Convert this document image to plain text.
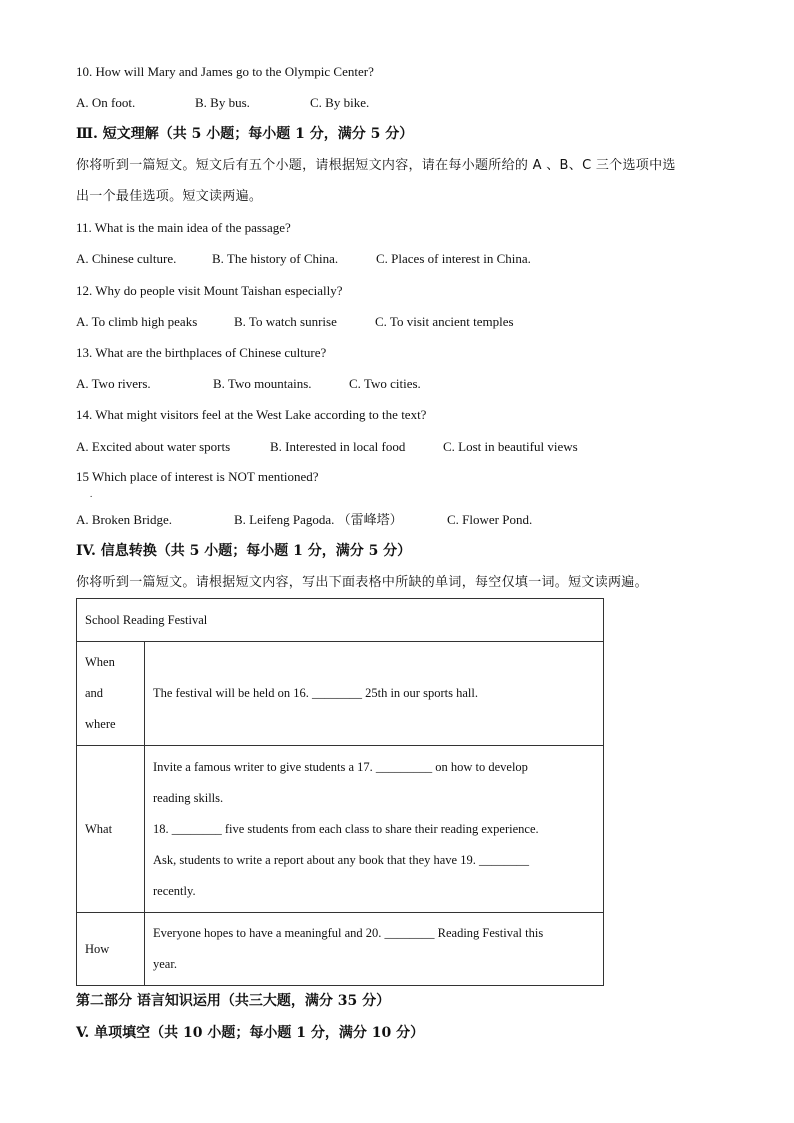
10. How will Mary and James go to the Olympic Center?
A. On foot.	B. By bus.	C. By bike.
Ⅲ. 短文理解（共 5 小题；每小题 1 分，满分 5 分）
你将听到一篇短文。短文后有五个小题，请根据短文内容，请在每小题所给的 A 、B、C 三个选项中选
出一个最佳选项。短文读两遍。
11. What is the main idea of the passage?
A. Chinese culture.	B. The history of China.	C. Places of interest in China.
12. Why do people visit Mount Taishan especially?
A. To climb high peaks	B. To watch sunrise	C. To visit ancient temples
13. What are the birthplaces of Chinese culture?
A. Two rivers.	B. Two mountains.	C. Two cities.
14. What might visitors feel at the West Lake according to the text?
A. Excited about water sports	B. Interested in local food	C. Lost in beautiful views
15 Which place of interest is NOT mentioned?
.
A. Broken Bridge.	B. Leifeng Pagoda. （雷峰塔）	C. Flower Pond.
IV. 信息转换（共 5 小题；每小题 1 分，满分 5 分）
你将听到一篇短文。请根据短文内容，写出下面表格中所缺的单词，每空仅填一词。短文读两遍。
School Reading Festival	

When
and
where	The festival will be held on 16. ________ 25th in our sports hall.
What	Invite a famous writer to give students a 17. _________ on how to develop
reading skills.
18. ________ five students from each class to share their reading experience.
Ask, students to write a report about any book that they have 19. ________
recently.

How	Everyone hopes to have a meaningful and 20. ________ Reading Festival this
year.
第二部分 语言知识运用（共三大题，满分 35 分）
V. 单项填空（共 10 小题；每小题 1 分，满分 10 分）
